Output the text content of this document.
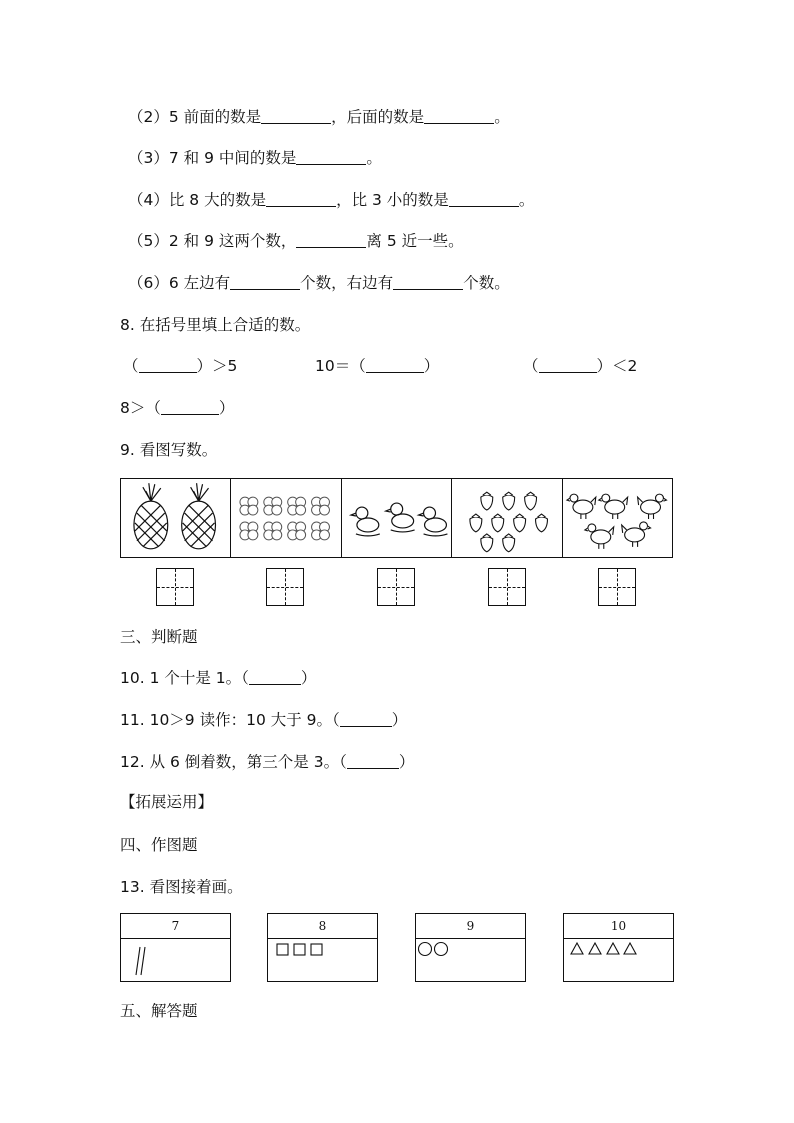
（2）5 前面的数是	，后面的数是	。
（3）7 和 9 中间的数是	。
（4）比 8 大的数是	，比 3 小的数是	。
（5）2 和 9 这两个数，	离 5 近一些。
（6）6 左边有	个数，右边有	个数。
8. 在括号里填上合适的数。
（	）＞5	10＝（	）	（	）＜2
8＞（	）
9. 看图写数。
三、判断题
10. 1 个十是 1。（	）
11. 10＞9 读作：10 大于 9。（	）
12. 从 6 倒着数，第三个是 3。（	）
【拓展运用】
四、作图题
13. 看图接着画。
7	8	9	10
五、解答题
